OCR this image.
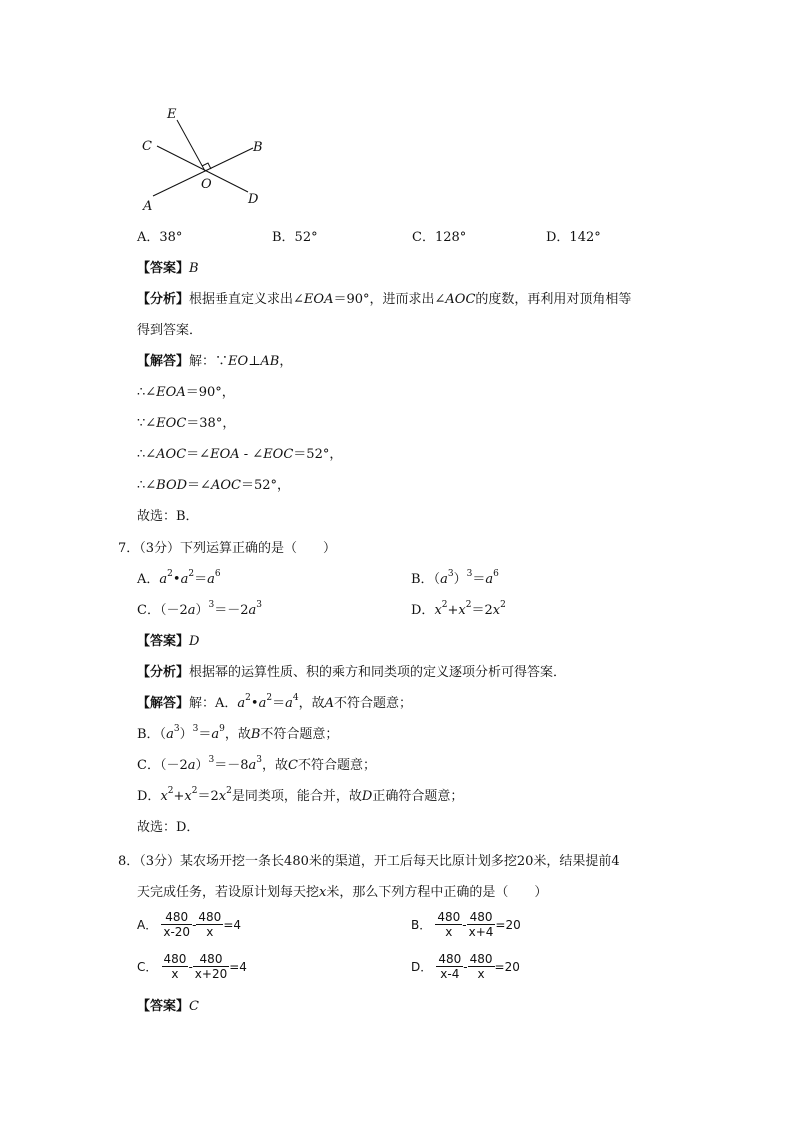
E
C	B
O
A	D
A．38°	B．52°	C．128°	D．142°
【答案】B
【分析】根据垂直定义求出∠EOA＝90°，进而求出∠AOC的度数，再利用对顶角相等
得到答案．
【解答】解：∵EO⊥AB，
∴∠EOA＝90°，
∵∠EOC＝38°，
∴∠AOC＝∠EOA - ∠EOC＝52°，
∴∠BOD＝∠AOC＝52°，
故选：B．
7．（3分）下列运算正确的是（　　）
A．$a^2•a^2=a^6$	B．$(a^3)^3=a^6$
C．$(-2a)^3=-2a^3$	D．$x^2+x^2=2x^2$
【答案】D
【分析】根据幂的运算性质、积的乘方和同类项的定义逐项分析可得答案．
【解答】解：A．$a^2•a^2=a^4$，故A不符合题意；
B．$(a^3)^3=a^9$，故B不符合题意；
C．$(-2a)^3=-8a^3$，故C不符合题意；
D．$x^2+x^2=2x^2$是同类项，能合并，故D正确符合题意；
故选：D．
8．（3分）某农场开挖一条长480米的渠道，开工后每天比原计划多挖20米，结果提前4
天完成任务，若设原计划每天挖x米，那么下列方程中正确的是（　　）
A． $\frac{480}{x-20} - \frac{480}{x} =4$	B． $\frac{480}{x} - \frac{480}{x+4} =20$
C． $\frac{480}{x} - \frac{480}{x+20} =4$	D． $\frac{480}{x-4} - \frac{480}{x} =20$
【答案】C
